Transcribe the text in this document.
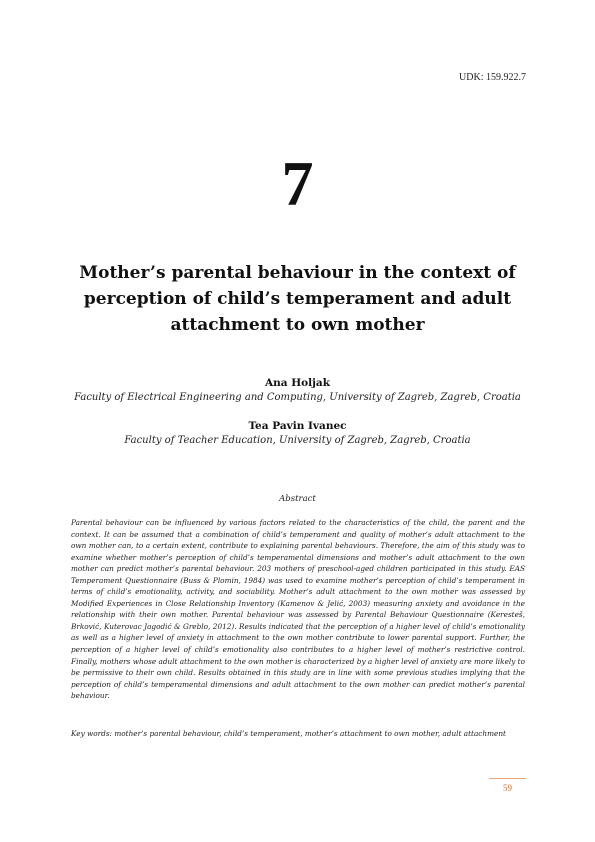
UDK: 159.922.7
7
Mother’s parental behaviour in the context of perception of child’s temperament and adult attachment to own mother
Ana Holjak
Faculty of Electrical Engineering and Computing, University of Zagreb, Zagreb, Croatia
Tea Pavin Ivanec
Faculty of Teacher Education, University of Zagreb, Zagreb, Croatia
Abstract
Parental behaviour can be influenced by various factors related to the characteristics of the child, the parent and the context. It can be assumed that a combination of child’s temperament and quality of mother’s adult attachment to the own mother can, to a certain extent, contribute to explaining parental behaviours. Therefore, the aim of this study was to examine whether mother’s perception of child’s temperamental dimensions and mother’s adult attachment to the own mother can predict mother’s parental behaviour. 203 mothers of preschool-aged children participated in this study. EAS Temperament Questionnaire (Buss & Plomin, 1984) was used to examine mother’s perception of child’s temperament in terms of child’s emotionality, activity, and sociability. Mother’s adult attachment to the own mother was assessed by Modified Experiences in Close Relationship Inventory (Kamenov & Jelić, 2003) measuring anxiety and avoidance in the relationship with their own mother. Parental behaviour was assessed by Parental Behaviour Questionnaire (Keresteš, Brković, Kuterovac Jagodić & Greblo, 2012). Results indicated that the perception of a higher level of child’s emotionality as well as a higher level of anxiety in attachment to the own mother contribute to lower parental support. Further, the perception of a higher level of child’s emotionality also contributes to a higher level of mother’s restrictive control. Finally, mothers whose adult attachment to the own mother is characterized by a higher level of anxiety are more likely to be permissive to their own child. Results obtained in this study are in line with some previous studies implying that the perception of child’s temperamental dimensions and adult attachment to the own mother can predict mother’s parental behaviour.
Key words: mother’s parental behaviour, child’s temperament, mother’s attachment to own mother, adult attachment
59
